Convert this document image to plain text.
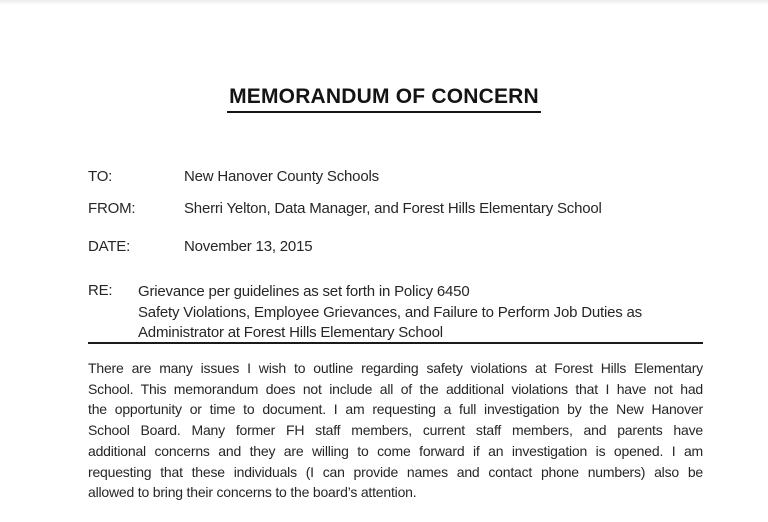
MEMORANDUM OF CONCERN
TO:	New Hanover County Schools
FROM:	Sherri Yelton, Data Manager, and Forest Hills Elementary School
DATE:	November 13, 2015
RE: Grievance per guidelines as set forth in Policy 6450
Safety Violations, Employee Grievances, and Failure to Perform Job Duties as
Administrator at Forest Hills Elementary School
There are many issues I wish to outline regarding safety violations at Forest Hills Elementary
School. This memorandum does not include all of the additional violations that I have not had
the opportunity or time to document. I am requesting a full investigation by the New Hanover
School Board. Many former FH staff members, current staff members, and parents have
additional concerns and they are willing to come forward if an investigation is opened. I am
requesting that these individuals (I can provide names and contact phone numbers) also be
allowed to bring their concerns to the board’s attention.
